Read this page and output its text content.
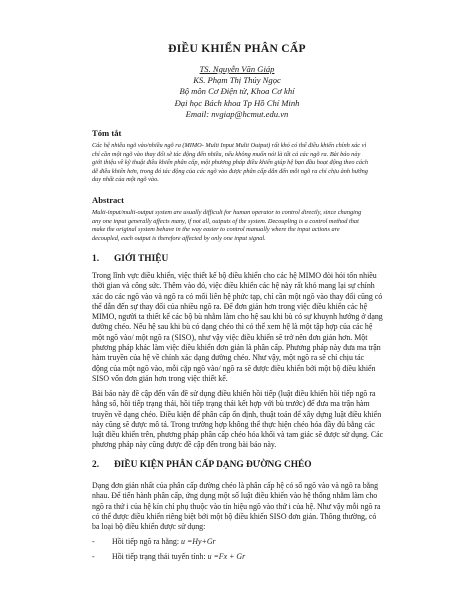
ĐIỀU KHIỂN PHÂN CẤP
TS. Nguyễn Văn Giáp
KS. Phạm Thị Thúy Ngọc
Bộ môn Cơ Điện tử, Khoa Cơ khí
Đại học Bách khoa Tp Hồ Chí Minh
Email: nvgiap@hcmut.edu.vn
Tóm tắt
Các hệ nhiều ngõ vào/nhiều ngõ ra (MIMO- Multi Input Multi Output) rất khó có thể điều khiển chính xác vì
chỉ cần một ngõ vào thay đổi sẽ tác động đến nhiều, nếu không muốn nói là tất cả các ngõ ra. Bài báo này
giới thiệu về kỹ thuật điều khiển phân cấp, một phương pháp điều khiển giúp hệ bạn đầu hoạt động theo cách
dễ điều khiển hơn, trong đó tác động của các ngõ vào được phân cấp dẫn đến mỗi ngõ ra chỉ chịu ảnh hưởng
duy nhất của một ngõ vào.
Abstract
Multi-input/multi-output system are usually difficult for human operator to control directly, since changing
any one input generally affects many, if not all, outputs of the system. Decoupling is a control method that
make the original system behave in the way easier to control manually where the input actions are
decoupled, each output is therefore affected by only one input signal.
1. GIỚI THIỆU
Trong lĩnh vực điều khiển, việc thiết kế bộ điều khiển cho các hệ MIMO đòi hỏi tốn nhiều
thời gian và công sức. Thêm vào đó, việc điều khiển các hệ này rất khó mang lại sự chính
xác do các ngõ vào và ngõ ra có mối liên hệ phức tạp, chỉ cần một ngõ vào thay đổi cũng có
thể dẫn đến sự thay đổi của nhiều ngõ ra. Để đơn giản hơn trong việc điều khiển các hệ
MIMO, người ta thiết kế các bộ bù nhằm làm cho hệ sau khi bù có sự khuynh hướng ở dạng
đường chéo. Nếu hệ sau khi bù có dạng chéo thì có thể xem hệ là một tập hợp của các hệ
một ngõ vào/ một ngõ ra (SISO), như vậy việc điều khiển sẽ trở nên đơn giản hơn. Một
phương pháp khác làm việc điều khiển đơn giản là phân cấp. Phương pháp này đưa ma trận
hàm truyền của hệ về chính xác dạng đường chéo. Như vậy, một ngõ ra sẽ chỉ chịu tác
động của một ngõ vào, mỗi cặp ngõ vào/ ngõ ra sẽ được điều khiển bởi một bộ điều khiển
SISO vốn đơn giản hơn trong việc thiết kế.
Bài báo này đề cập đến vấn đề sử dụng điều khiển hồi tiếp (luật điều khiển hồi tiếp ngõ ra
hằng số, hồi tiếp trạng thái, hồi tiếp trạng thái kết hợp với bù trước) để đưa ma trận hàm
truyền về dạng chéo. Điều kiện để phân cấp ổn định, thuật toán để xây dựng luật điều khiển
này cũng sẽ được mô tả. Trong trường hợp không thể thực hiện chéo hóa đầy đủ bằng các
luật điều khiển trên, phương pháp phân cấp chéo hóa khối và tam giác sẽ được sử dụng. Các
phương pháp này cũng được đề cập đến trong bài báo này.
2. ĐIỀU KIỆN PHÂN CẤP DẠNG ĐƯỜNG CHÉO
Dạng đơn giản nhất của phân cấp đường chéo là phân cấp hệ có số ngõ vào và ngõ ra bằng
nhau. Để tiến hành phân cấp, ứng dụng một số luật điều khiển vào hệ thống nhằm làm cho
ngõ ra thứ i của hệ kín chỉ phụ thuộc vào tín hiệu ngõ vào thứ i của hệ. Như vậy mỗi ngõ ra
có thể được điều khiển riêng biệt bởi một bộ điều khiển SISO đơn giản. Thông thường, có
ba loại bộ điều khiển được sử dụng:
- Hồi tiếp ngõ ra hằng: u =Hy+Gr
- Hồi tiếp trạng thái tuyến tính: u =Fx + Gr
